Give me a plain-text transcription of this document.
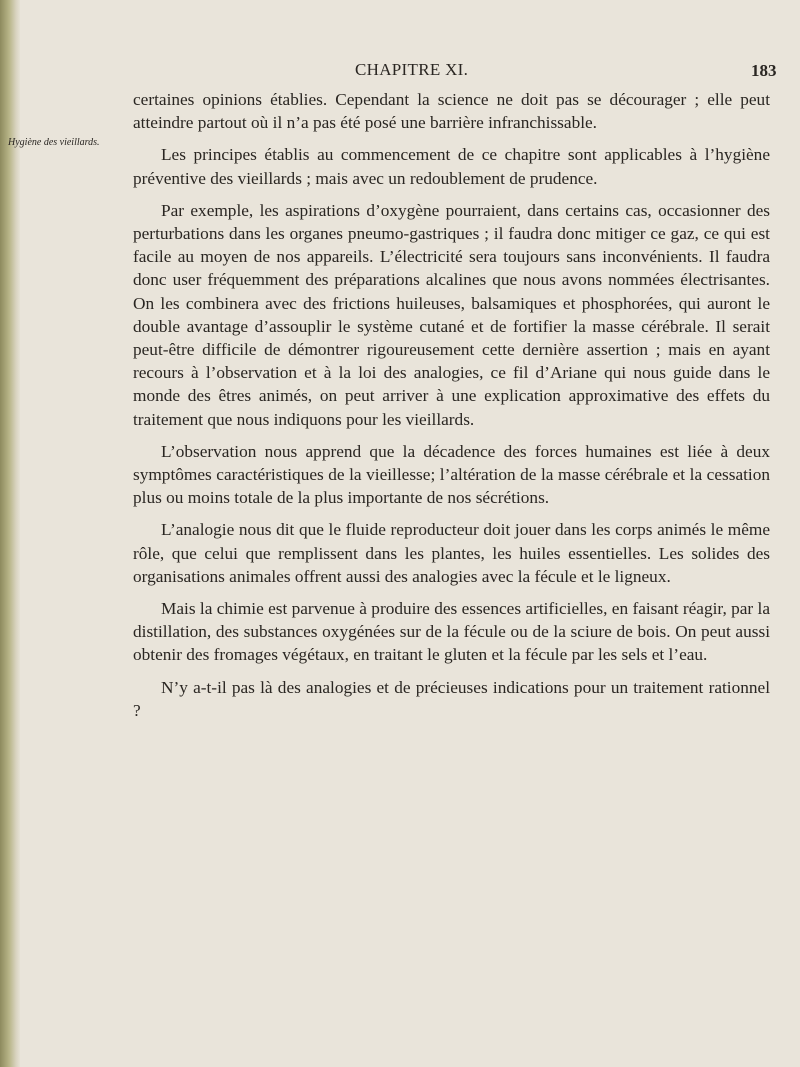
CHAPITRE XI.	183
Hygiène des vieillards.

certaines opinions établies. Cependant la science ne doit pas se décourager ; elle peut atteindre partout où il n’a pas été posé une barrière infranchissable.

Les principes établis au commencement de ce chapitre sont applicables à l’hygiène préventive des vieillards ; mais avec un redoublement de prudence.

Par exemple, les aspirations d’oxygène pourraient, dans certains cas, occasionner des perturbations dans les organes pneumo-gastriques ; il faudra donc mitiger ce gaz, ce qui est facile au moyen de nos appareils. L’électricité sera toujours sans inconvénients. Il faudra donc user fréquemment des préparations alcalines que nous avons nommées électrisantes. On les combinera avec des frictions huileuses, balsamiques et phosphorées, qui auront le double avantage d’assouplir le système cutané et de fortifier la masse cérébrale. Il serait peut-être difficile de démontrer rigoureusement cette dernière assertion ; mais en ayant recours à l’observation et à la loi des analogies, ce fil d’Ariane qui nous guide dans le monde des êtres animés, on peut arriver à une explication approximative des effets du traitement que nous indiquons pour les vieillards.

L’observation nous apprend que la décadence des forces humaines est liée à deux symptômes caractéristiques de la vieillesse; l’altération de la masse cérébrale et la cessation plus ou moins totale de la plus importante de nos sécrétions.

L’analogie nous dit que le fluide reproducteur doit jouer dans les corps animés le même rôle, que celui que remplissent dans les plantes, les huiles essentielles. Les solides des organisations animales offrent aussi des analogies avec la fécule et le ligneux.

Mais la chimie est parvenue à produire des essences artificielles, en faisant réagir, par la distillation, des substances oxygénées sur de la fécule ou de la sciure de bois. On peut aussi obtenir des fromages végétaux, en traitant le gluten et la fécule par les sels et l’eau.

N’y a-t-il pas là des analogies et de précieuses indications pour un traitement rationnel ?
